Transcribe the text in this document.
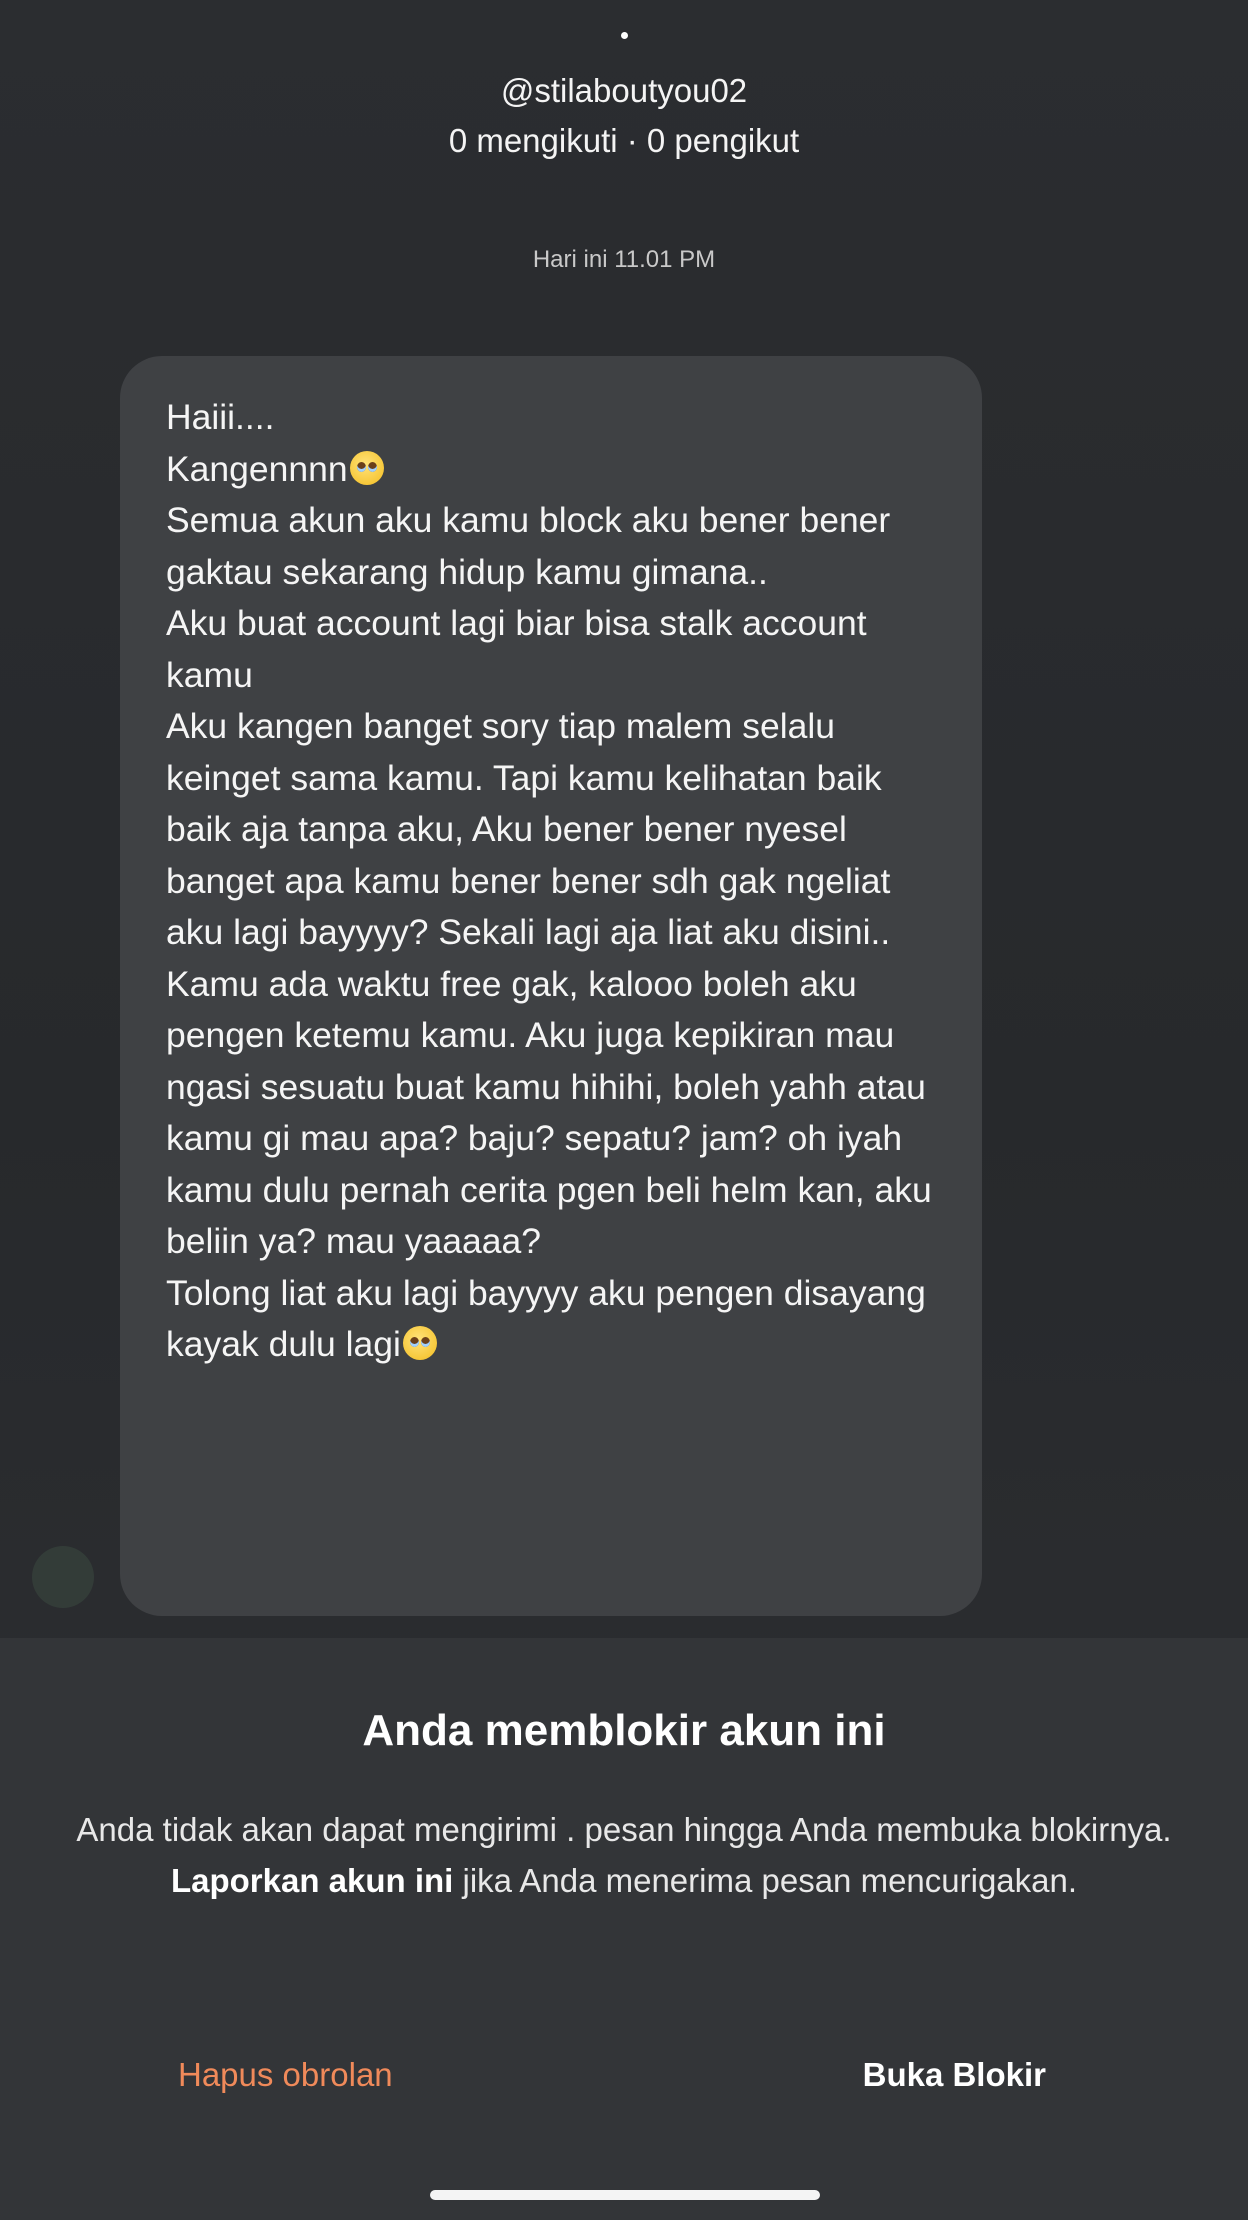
@stilaboutyou02
0 mengikuti · 0 pengikut
Hari ini 11.01 PM

Haiii....
Kangennnn
Semua akun aku kamu block aku bener bener gaktau sekarang hidup kamu gimana..
Aku buat account lagi biar bisa stalk account kamu
Aku kangen banget sory tiap malem selalu keinget sama kamu. Tapi kamu kelihatan baik baik aja tanpa aku, Aku bener bener nyesel banget apa kamu bener bener sdh gak ngeliat aku lagi bayyyy? Sekali lagi aja liat aku disini.. Kamu ada waktu free gak, kalooo boleh aku pengen ketemu kamu. Aku juga kepikiran mau ngasi sesuatu buat kamu hihihi, boleh yahh atau kamu gi mau apa? baju? sepatu? jam? oh iyah kamu dulu pernah cerita pgen beli helm kan, aku beliin ya? mau yaaaaa?
Tolong liat aku lagi bayyyy aku pengen disayang kayak dulu lagi

Anda memblokir akun ini
Anda tidak akan dapat mengirimi . pesan hingga Anda membuka blokirnya. Laporkan akun ini jika Anda menerima pesan mencurigakan.
Hapus obrolan	Buka Blokir
